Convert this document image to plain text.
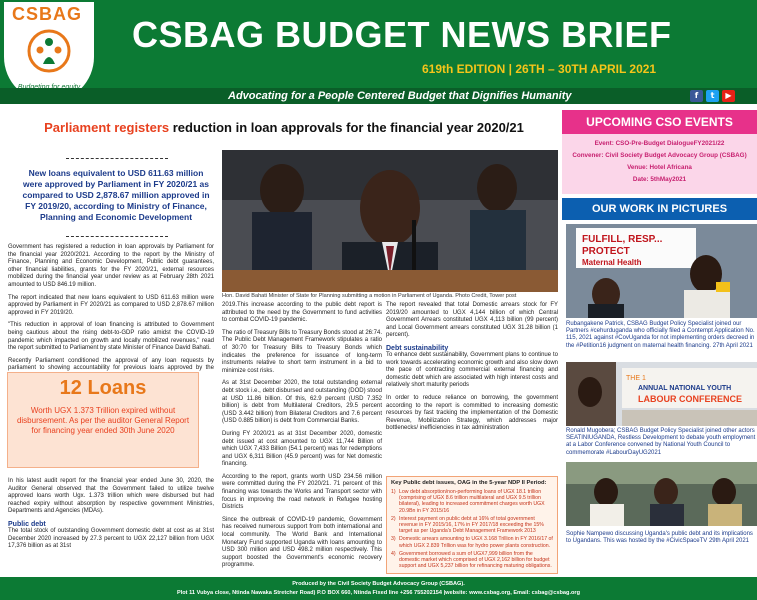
CSBAG CSBAG BUDGET NEWS BRIEF
619th EDITION | 26TH – 30TH APRIL 2021
Advocating for a People Centered Budget that Dignifies Humanity	f	t	▶
Parliament registers reduction in loan approvals for the financial year 2020/21
New loans equivalent to USD 611.63 million were approved by Parliament in FY 2020/21 as compared to USD 2,878.67 million approved in FY 2019/20, according to Ministry of Finance, Planning and Economic Development

Government has registered a reduction in loan approvals by Parliament for the financial year 2020/2021. According to the report by the Ministry of Finance, Planning and Economic Development, Public debt guarantees, other financial liabilities, grants for the FY 2020/21, external resources mobilized during the financial year under review as at February 28th 2021 amounted to USD 846.19 million.

The report indicated that new loans equivalent to USD 611.63 million were approved by Parliament in FY 2020/21 as compared to USD 2,878.67 million approved in FY 2019/20.

"This reduction in approval of loan financing is attributed to Government being cautious about the rising debt-to-GDP ratio amidst the COVID-19 pandemic which impacted on growth and locally mobilized revenues," read the report submitted to Parliament by state Minister of Finance David Bahati.

Recently Parliament conditioned the approval of any loan requests by parliament to showing accountability for previous loans approved by the

12 Loans
Worth UGX 1.373 Trillion expired without disbursement. As per the auditor General Report for financing year ended 30th June 2020

In his latest audit report for the financial year ended June 30, 2020, the Auditor General observed that the Government failed to utilize twelve approved loans worth Ugx. 1.373 trillion which were disbursed but had reached expiry without absorption by respective government Ministries, Departments and Agencies (MDAs).

Public debt

The total stock of outstanding Government domestic debt at cost as at 31st December 2020 increased by 27.3 percent to UGX 22,127 billion from UGX 17,376 billion as at 31st

Hon. David Bahati Minister of State for Planning submitting a motion in Parliament of Uganda. Photo Credit, Tower post

2019.This increase according to the public debt report is attributed to the need by the Government to fund activities to combat COVID-19 pandemic.

The ratio of Treasury Bills to Treasury Bonds stood at 26:74. The Public Debt Management Framework stipulates a ratio of 30:70 for Treasury Bills to Treasury Bonds which indicates the preference for issuance of long-term instruments relative to short term instrument in a bid to minimize cost risks.

As at 31st December 2020, the total outstanding external debt stock i.e., debt disbursed and outstanding (DOD) stood at USD 11.86 billion. Of this, 62.9 percent (USD 7.352 billion) is debt from Multilateral Creditors, 29.5 percent (USD 3.442 billion) from Bilateral Creditors and 7.6 percent (USD 0.885 billion) is debt from Commercial Banks.

During FY 2020/21 as at 31st December 2020, domestic debt issued at cost amounted to UGX 11,744 Billion of which UGX 7,433 Billion (54.1 percent) was for redemptions and UGX 6,311 Billion (45.9 percent) was for Net domestic financing.

According to the report, grants worth USD 234.56 million were committed during the FY 2020/21. 71 percent of this financing was towards the Works and Transport sector with focus in improving the road network in Refugee hosting Districts

Since the outbreak of COVID-19 pandemic, Government has received numerous support from both international and local community. The World Bank and International Monetary Fund supported Uganda with loans amounting to USD 300 million and USD 498.2 million respectively. This support boosted the Government's economic recovery programme.

The report revealed that total Domestic arrears stock for FY 2019/20 amounted to UGX 4,144 billion of which Central Government Arrears constituted UGX 4,113 billion (99 percent) and Local Government arrears constituted UGX 31.28 billion (1 percent).

Debt sustainability

To enhance debt sustainability, Government plans to continue to work towards accelerating economic growth and also slow down the pace of contracting commercial external financing and domestic debt which are associated with high interest costs and relatively short maturity periods

In order to reduce reliance on borrowing, the government according to the report is committed to increasing domestic resources by fast tracking the implementation of the Domestic Revenue, Mobilization Strategy, which addresses major bottlenecks/ inefficiencies in tax administration

Key Public debt issues, OAG in the 5-year NDP II Period:
1) Low debt absorption/non-performing loans of UGX 18.1 trillion (comprising of UGX 8.6 trillion multilateral and UGX 9.5 trillion bilateral), leading to increased commitment charges worth UGX 20.9Bn in FY 2015/16
2) Interest payment on public debt at 16% of total government revenue in FY 2015/16, 17% in FY 2017/18 exceeding the 15% target as per Uganda's Debt Management Framework 2013
3) Domestic arrears amounting to UGX 3.168 Trillion in FY 2016/17 of which UGX 2.839 Trillion was for hydro power plants construction.
4) Government borrowed a sum of UGX7,999 billion from the domestic market which comprised of UGX 2,162 billion for budget support and UGX 5,237 billion for refinancing maturing obligations.
UPCOMING CSO EVENTS
Event: CSO-Pre-Budget DialogueFY2021/22
Convener: Civil Society Budget Advocacy Group (CSBAG)
Venue: Hotel Africana
Date: 5thMay2021
OUR WORK IN PICTURES
FULFILL, RESP...
PROTECT
Maternal Health
Rubangakene Patrick, CSBAG Budget Policy Specialist joined our Partners #cehurduganda who officially filed a Contempt Application No. 115, 2021 against #CovUganda for not implementing orders decreed in the #Petition16 judgment on maternal health financing. 27th April 2021
THE 1
ANNUAL NATIONAL YOUTH
LABOUR CONFERENCE
Ronald Mugobera; CSBAG Budget Policy Specialist joined other actors SEATINIUGANDA, Restless Development to debate youth employment at a Labor Conference convened by National Youth Council to commemorate #LabourDayUG2021
Sophie Nampewo discussing Uganda's public debt and its implications to Ugandans. This was hosted by the #CivicSpaceTV 29th April 2021
Produced by the Civil Society Budget Advocacy Group (CSBAG).
Plot 11 Vubya close, Ntinda Nawaka Stretcher Road) P.O BOX 660, Ntinda Fixed line +256 755202154 |website: www.csbag.org, Email: csbag@csbag.org
